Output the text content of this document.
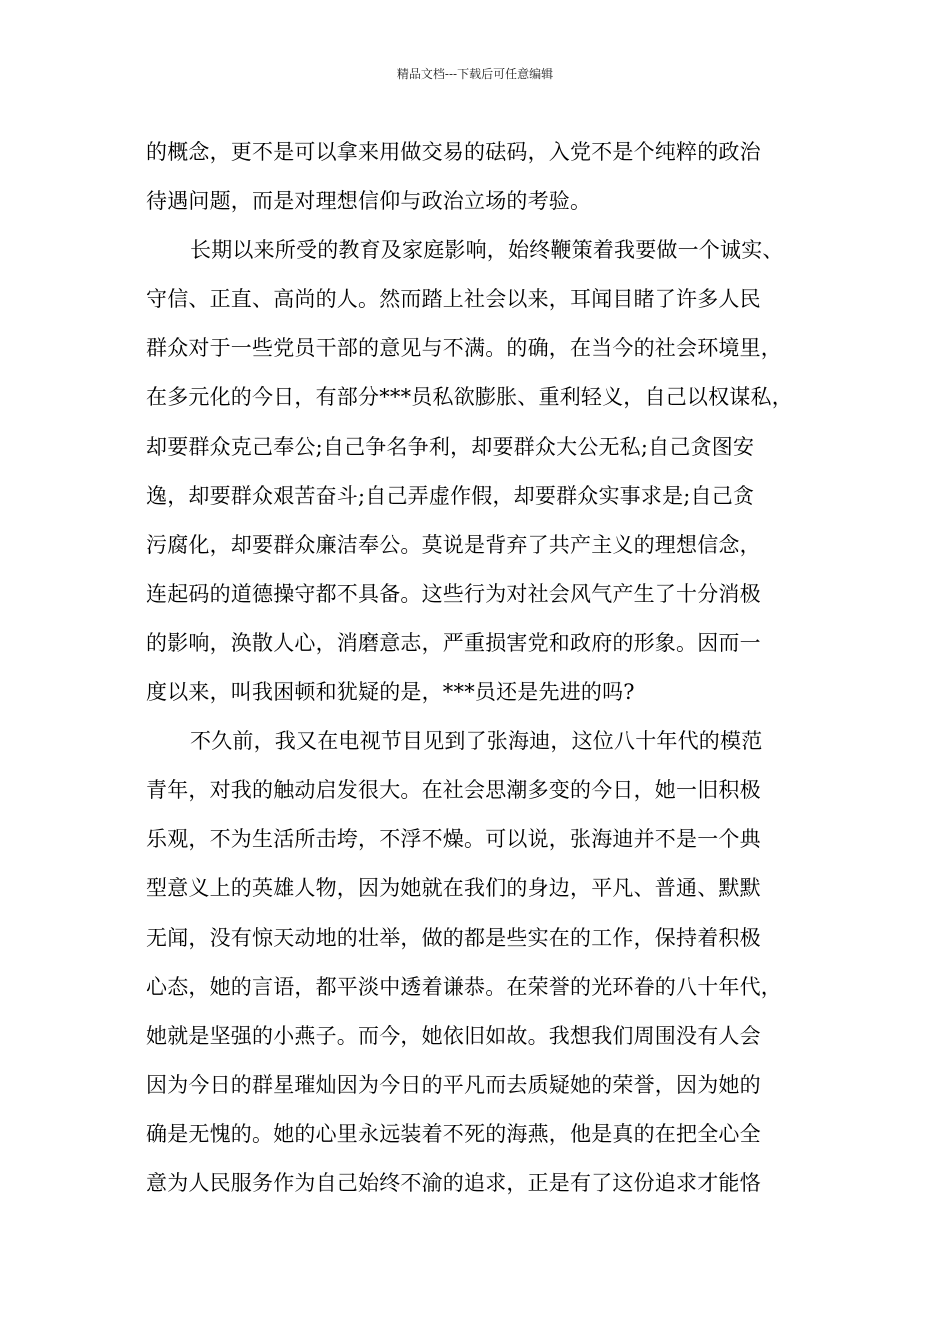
精品文档---下载后可任意编辑
的概念，更不是可以拿来用做交易的砝码，入党不是个纯粹的政治
待遇问题，而是对理想信仰与政治立场的考验。
长期以来所受的教育及家庭影响，始终鞭策着我要做一个诚实、
守信、正直、高尚的人。然而踏上社会以来，耳闻目睹了许多人民
群众对于一些党员干部的意见与不满。的确，在当今的社会环境里，
在多元化的今日，有部分***员私欲膨胀、重利轻义，自己以权谋私，
却要群众克己奉公;自己争名争利，却要群众大公无私;自己贪图安
逸，却要群众艰苦奋斗;自己弄虚作假，却要群众实事求是;自己贪
污腐化，却要群众廉洁奉公。莫说是背弃了共产主义的理想信念，
连起码的道德操守都不具备。这些行为对社会风气产生了十分消极
的影响，涣散人心，消磨意志，严重损害党和政府的形象。因而一
度以来，叫我困顿和犹疑的是，***员还是先进的吗?
不久前，我又在电视节目见到了张海迪，这位八十年代的模范
青年，对我的触动启发很大。在社会思潮多变的今日，她一旧积极
乐观，不为生活所击垮，不浮不燥。可以说，张海迪并不是一个典
型意义上的英雄人物，因为她就在我们的身边，平凡、普通、默默
无闻，没有惊天动地的壮举，做的都是些实在的工作，保持着积极
心态，她的言语，都平淡中透着谦恭。在荣誉的光环眷的八十年代，
她就是坚强的小燕子。而今，她依旧如故。我想我们周围没有人会
因为今日的群星璀灿因为今日的平凡而去质疑她的荣誉，因为她的
确是无愧的。她的心里永远装着不死的海燕，他是真的在把全心全
意为人民服务作为自己始终不渝的追求，正是有了这份追求才能恪
